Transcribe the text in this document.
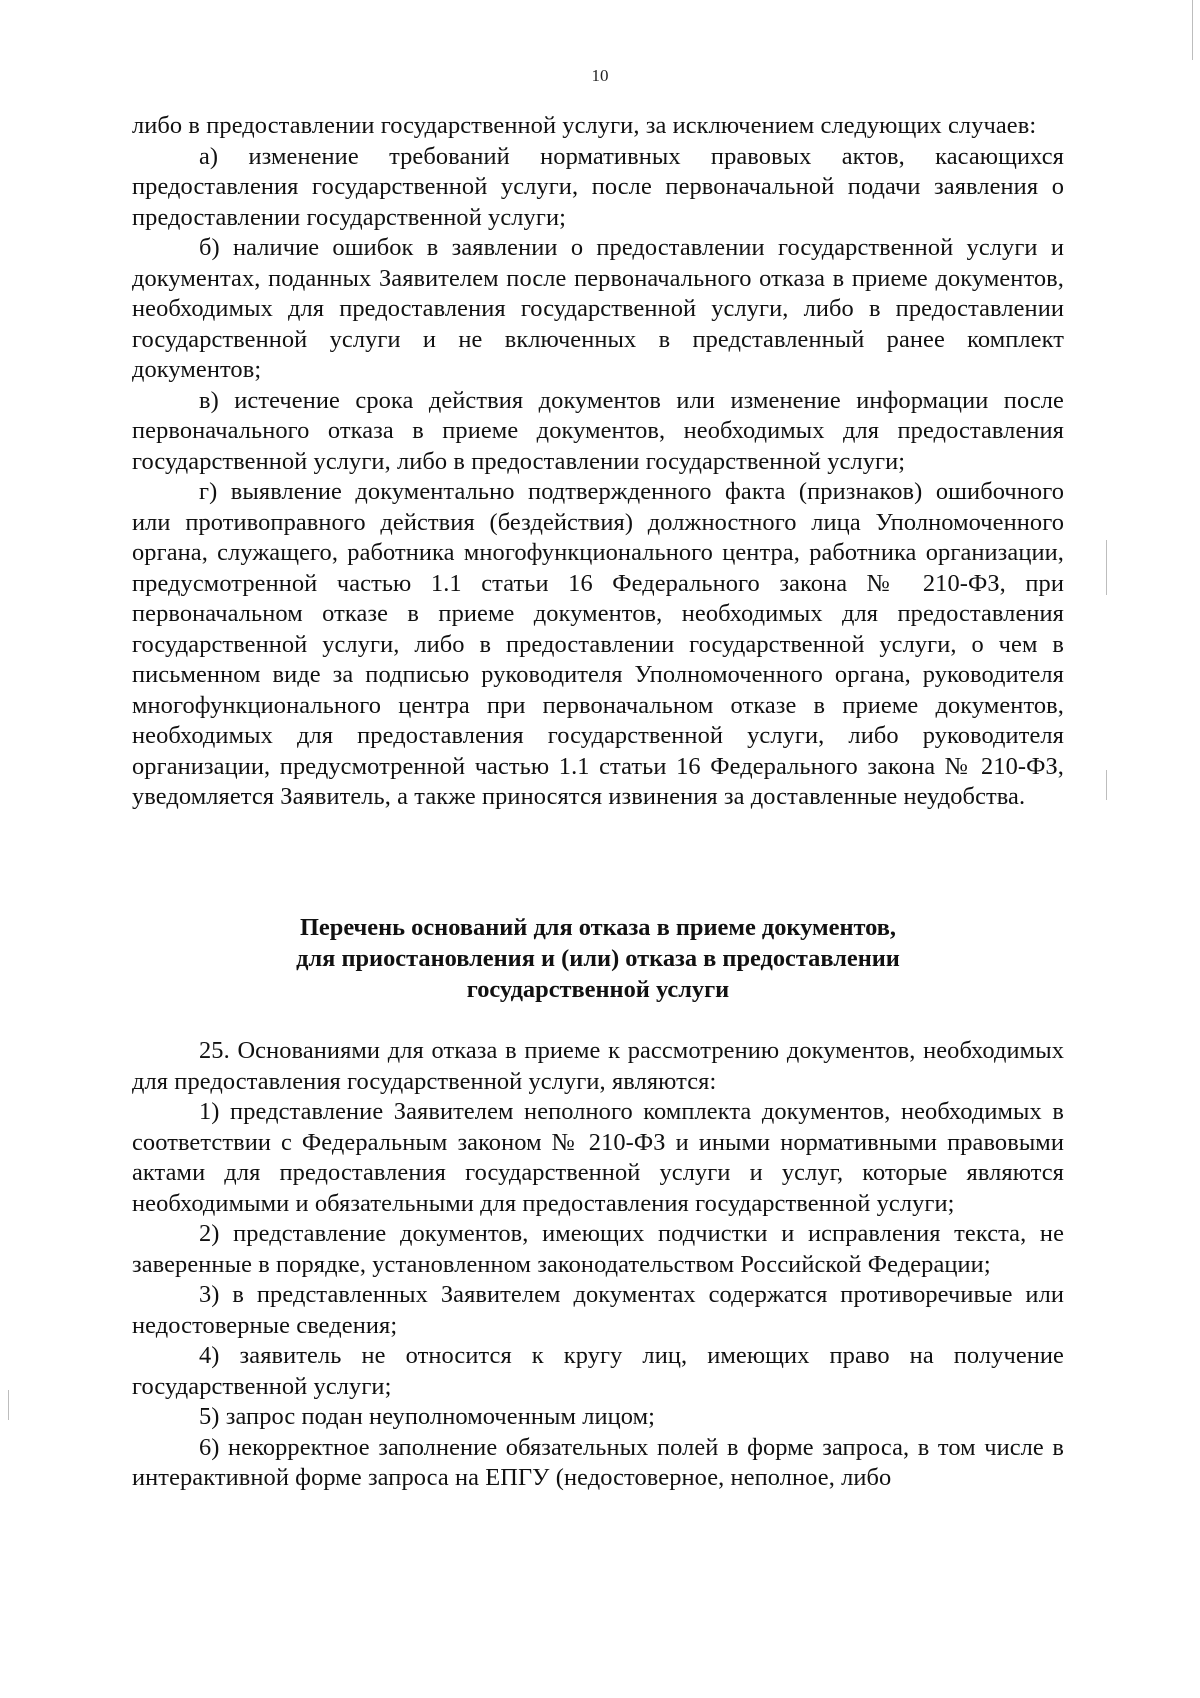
10

либо в предоставлении государственной услуги, за исключением следующих случаев:

а) изменение требований нормативных правовых актов, касающихся предоставления государственной услуги, после первоначальной подачи заявления о предоставлении государственной услуги;

б) наличие ошибок в заявлении о предоставлении государственной услуги и документах, поданных Заявителем после первоначального отказа в приеме документов, необходимых для предоставления государственной услуги, либо в предоставлении государственной услуги и не включенных в представленный ранее комплект документов;

в) истечение срока действия документов или изменение информации после первоначального отказа в приеме документов, необходимых для предоставления государственной услуги, либо в предоставлении государственной услуги;

г) выявление документально подтвержденного факта (признаков) ошибочного или противоправного действия (бездействия) должностного лица Уполномоченного органа, служащего, работника многофункционального центра, работника организации, предусмотренной частью 1.1 статьи 16 Федерального закона № 210-ФЗ, при первоначальном отказе в приеме документов, необходимых для предоставления государственной услуги, либо в предоставлении государственной услуги, о чем в письменном виде за подписью руководителя Уполномоченного органа, руководителя многофункционального центра при первоначальном отказе в приеме документов, необходимых для предоставления государственной услуги, либо руководителя организации, предусмотренной частью 1.1 статьи 16 Федерального закона № 210-ФЗ, уведомляется Заявитель, а также приносятся извинения за доставленные неудобства.

Перечень оснований для отказа в приеме документов,
для приостановления и (или) отказа в предоставлении
государственной услуги

25. Основаниями для отказа в приеме к рассмотрению документов, необходимых для предоставления государственной услуги, являются:

1) представление Заявителем неполного комплекта документов, необходимых в соответствии с Федеральным законом № 210-ФЗ и иными нормативными правовыми актами для предоставления государственной услуги и услуг, которые являются необходимыми и обязательными для предоставления государственной услуги;

2) представление документов, имеющих подчистки и исправления текста, не заверенные в порядке, установленном законодательством Российской Федерации;

3) в представленных Заявителем документах содержатся противоречивые или недостоверные сведения;

4) заявитель не относится к кругу лиц, имеющих право на получение государственной услуги;

5) запрос подан неуполномоченным лицом;

6) некорректное заполнение обязательных полей в форме запроса, в том числе в интерактивной форме запроса на ЕПГУ (недостоверное, неполное, либо
